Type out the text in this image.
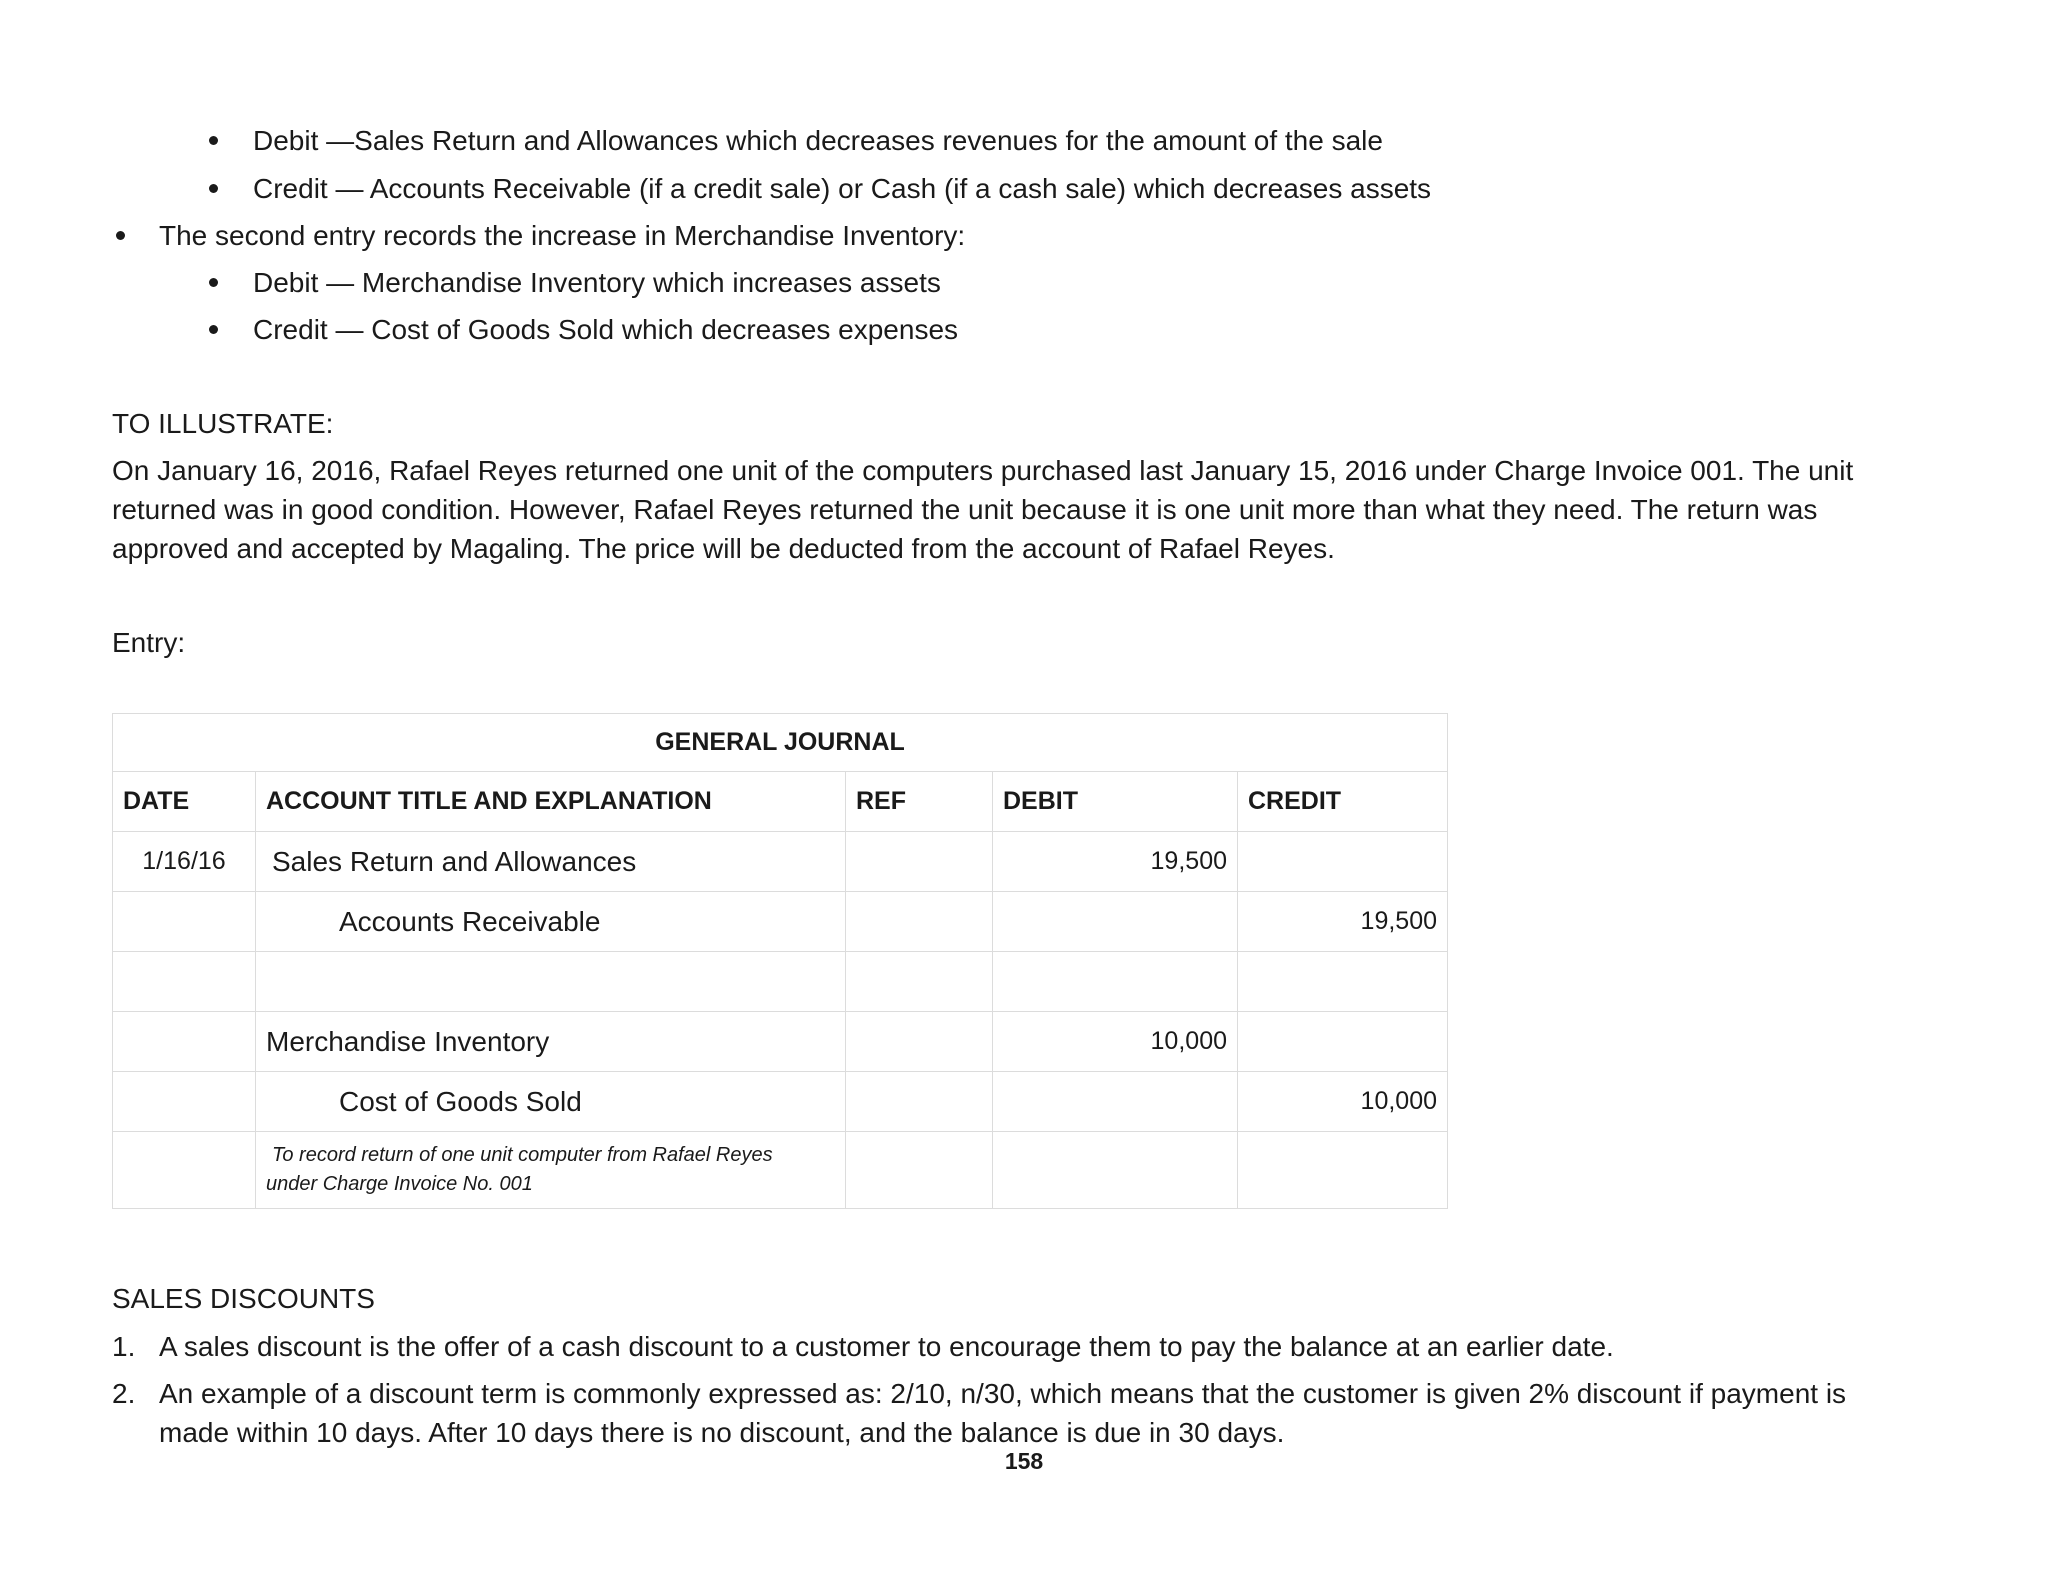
Debit —Sales Return and Allowances which decreases revenues for the amount of the sale
Credit — Accounts Receivable (if a credit sale) or Cash (if a cash sale) which decreases assets
The second entry records the increase in Merchandise Inventory:
Debit — Merchandise Inventory which increases assets
Credit — Cost of Goods Sold which decreases expenses
TO ILLUSTRATE:
On January 16, 2016, Rafael Reyes returned one unit of the computers purchased last January 15, 2016 under Charge Invoice 001. The unit returned was in good condition. However, Rafael Reyes returned the unit because it is one unit more than what they need. The return was approved and accepted by Magaling. The price will be deducted from the account of Rafael Reyes.
Entry:
GENERAL JOURNAL				
DATE	ACCOUNT TITLE AND EXPLANATION	REF	DEBIT	CREDIT
1/16/16	Sales Return and Allowances		19,500	
	Accounts Receivable			19,500

	Merchandise Inventory		10,000	
	Cost of Goods Sold			10,000

	To record return of one unit computer from Rafael Reyes
under Charge Invoice No. 001			

SALES DISCOUNTS
1. A sales discount is the offer of a cash discount to a customer to encourage them to pay the balance at an earlier date.
2. An example of a discount term is commonly expressed as: 2/10, n/30, which means that the customer is given 2% discount if payment is made within 10 days. After 10 days there is no discount, and the balance is due in 30 days.
158
